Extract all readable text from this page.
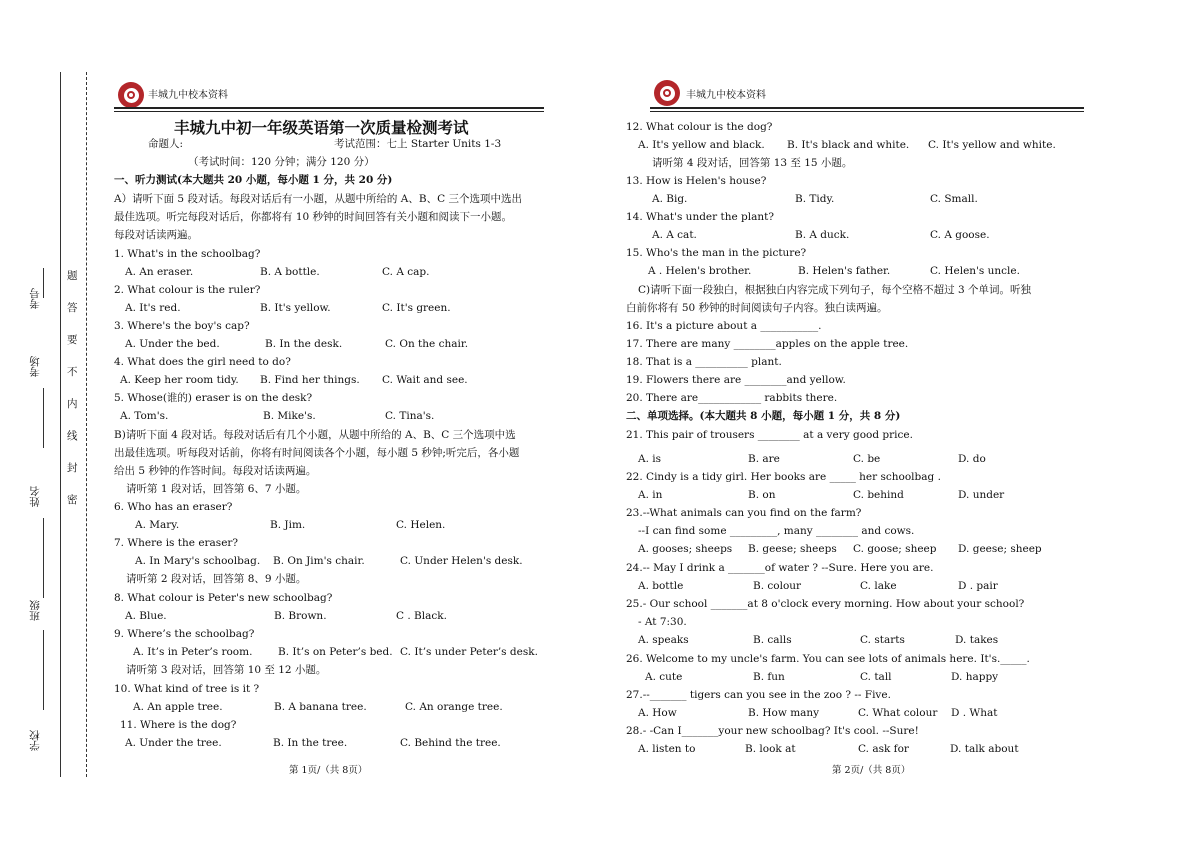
考号
考场
姓名
班级
学校
题
答
要
不
内
线
封
密
丰城九中校本资料
丰城九中初一年级英语第一次质量检测考试
命题人:	考试范围：七上 Starter Units 1-3
（考试时间：120 分钟；满分 120 分）
一、听力测试(本大题共 20 小题，每小题 1 分，共 20 分)
A）请听下面 5 段对话。每段对话后有一小题，从题中所给的 A、B、C 三个选项中选出
最佳选项。听完每段对话后，你都将有 10 秒钟的时间回答有关小题和阅读下一小题。
每段对话读两遍。
1. What's in the schoolbag?
A. An eraser.	B. A bottle.	C. A cap.
2. What colour is the ruler?
A. It's red.	B. It's yellow.	C. It's green.
3. Where's the boy's cap?
A. Under the bed.	B. In the desk.	C. On the chair.
4. What does the girl need to do?
A. Keep her room tidy. B. Find her things. C. Wait and see.
5. Whose(谁的) eraser is on the desk?
A. Tom's.	B. Mike's.	C. Tina's.
B)请听下面 4 段对话。每段对话后有几个小题，从题中所给的 A、B、C 三个选项中选
出最佳选项。听每段对话前，你将有时间阅读各个小题，每小题 5 秒钟;听完后，各小题
给出 5 秒钟的作答时间。每段对话读两遍。
请听第 1 段对话，回答第 6、7 小题。
6. Who has an eraser?
A. Mary.	B. Jim.	C. Helen.
7. Where is the eraser?
A. In Mary's schoolbag. B. On Jim's chair.	C. Under Helen's desk.
请听第 2 段对话，回答第 8、9 小题。
8. What colour is Peter's new schoolbag?
A. Blue.	B. Brown.	C . Black.
9. Where’s the schoolbag?
A. It’s in Peter’s room. B. It’s on Peter’s bed. C. It’s under Peter’s desk.
请听第 3 段对话，回答第 10 至 12 小题。
10. What kind of tree is it ?
A. An apple tree.	B. A banana tree.	C. An orange tree.
11. Where is the dog?
A. Under the tree.	B. In the tree.	C. Behind the tree.
第 1页/（共 8页）
丰城九中校本资料
12. What colour is the dog?
A. It's yellow and black. B. It's black and white. C. It's yellow and white.
请听第 4 段对话，回答第 13 至 15 小题。
13. How is Helen's house?
A. Big.	B. Tidy.	C. Small.
14. What's under the plant?
A. A cat.	B. A duck.	C. A goose.
15. Who's the man in the picture?
A . Helen's brother.	B. Helen's father.	C. Helen's uncle.
C)请听下面一段独白，根据独白内容完成下列句子，每个空格不超过 3 个单词。听独
白前你将有 50 秒钟的时间阅读句子内容。独白读两遍。
16. It's a picture about a ___________.
17. There are many ________apples on the apple tree.
18. That is a __________ plant.
19. Flowers there are ________and yellow.
20. There are____________ rabbits there.
二、单项选择。(本大题共 8 小题，每小题 1 分，共 8 分)
21. This pair of trousers ________ at a very good price.
A. is	B. are	C. be	D. do
22. Cindy is a tidy girl. Her books are _____ her schoolbag .
A. in	B. on	C. behind	D. under
23.--What animals can you find on the farm?
--I can find some _________, many ________ and cows.
A. gooses; sheeps B. geese; sheeps C. goose; sheep D. geese; sheep
24.-- May I drink a _______of water ? --Sure. Here you are.
A. bottle	B. colour	C. lake	D . pair
25.- Our school _______at 8 o'clock every morning. How about your school?
- At 7:30.
A. speaks	B. calls	C. starts	D. takes
26. Welcome to my uncle's farm. You can see lots of animals here. It's._____.
A. cute	B. fun	C. tall	D. happy
27.--_______ tigers can you see in the zoo ? -- Five.
A. How	B. How many	C. What colour D . What
28.- -Can I_______your new schoolbag? It's cool. --Sure!
A. listen to	B. look at	C. ask for	D. talk about
第 2页/（共 8页）
